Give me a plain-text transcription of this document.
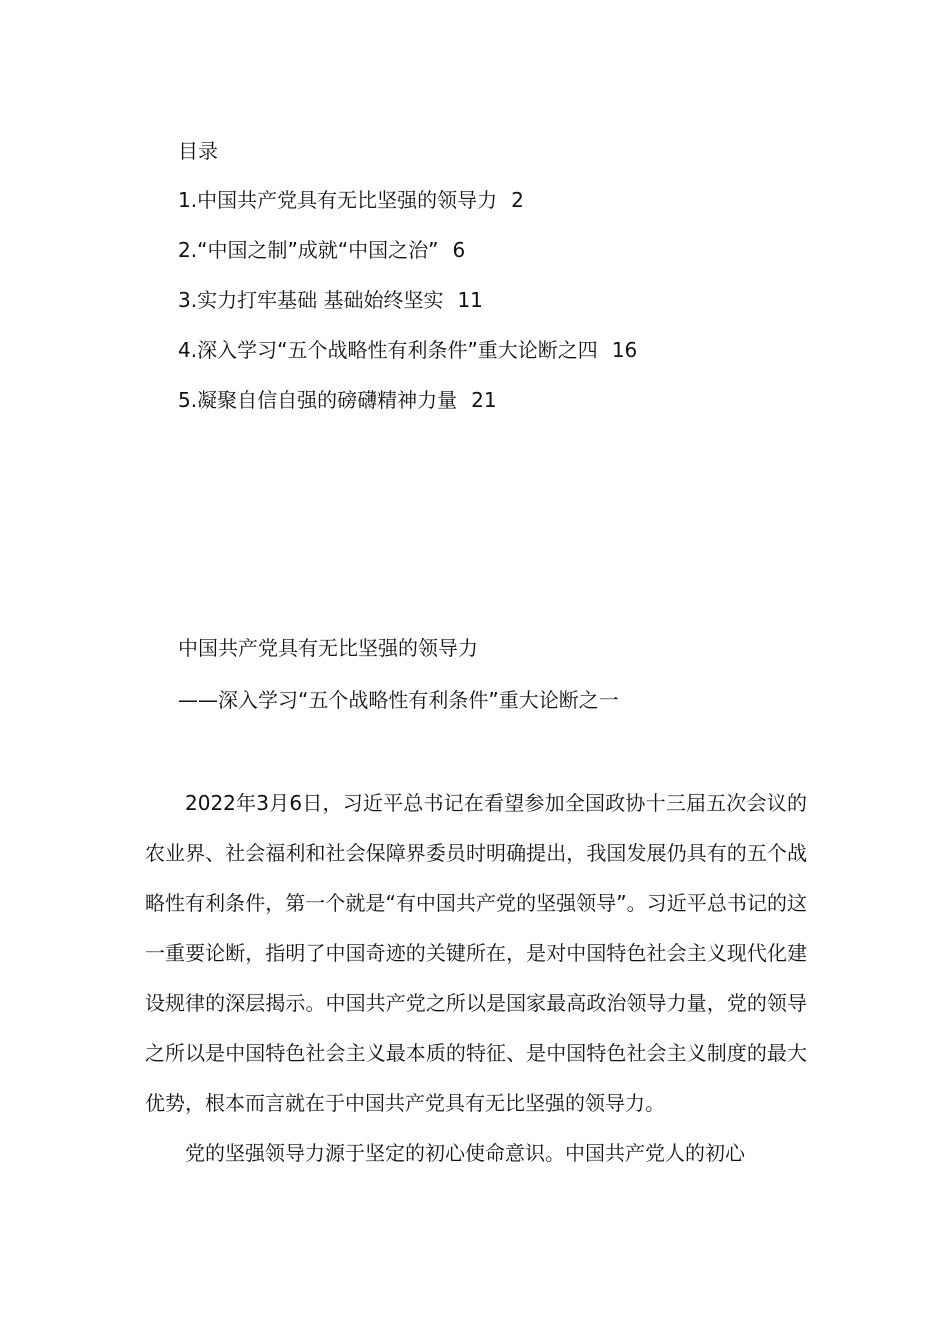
目录
1.中国共产党具有无比坚强的领导力 2
2.“中国之制”成就“中国之治” 6
3.实力打牢基础 基础始终坚实 11
4.深入学习“五个战略性有利条件”重大论断之四 16
5.凝聚自信自强的磅礴精神力量 21
中国共产党具有无比坚强的领导力
——深入学习“五个战略性有利条件”重大论断之一

2022年3月6日，习近平总书记在看望参加全国政协十三届五次会议的农业界、社会福利和社会保障界委员时明确提出，我国发展仍具有的五个战略性有利条件，第一个就是“有中国共产党的坚强领导”。习近平总书记的这一重要论断，指明了中国奇迹的关键所在，是对中国特色社会主义现代化建设规律的深层揭示。中国共产党之所以是国家最高政治领导力量，党的领导之所以是中国特色社会主义最本质的特征、是中国特色社会主义制度的最大优势，根本而言就在于中国共产党具有无比坚强的领导力。

党的坚强领导力源于坚定的初心使命意识。中国共产党人的初心
